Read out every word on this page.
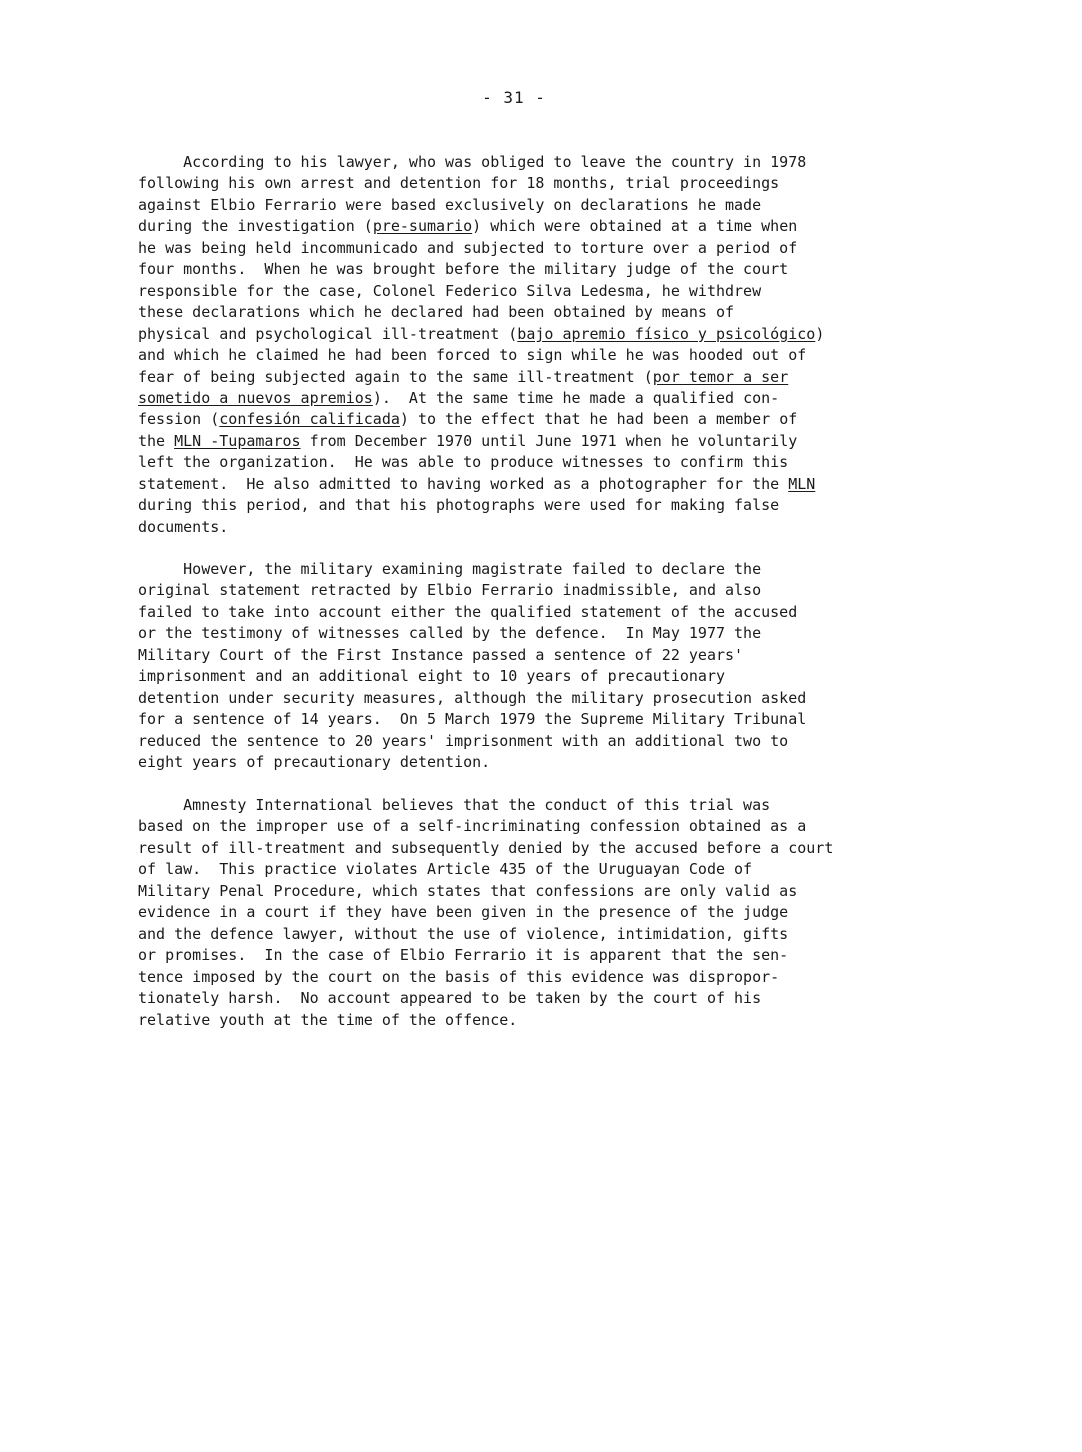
- 31 -
According to his lawyer, who was obliged to leave the country in 1978
following his own arrest and detention for 18 months, trial proceedings
against Elbio Ferrario were based exclusively on declarations he made
during the investigation (pre-sumario) which were obtained at a time when
he was being held incommunicado and subjected to torture over a period of
four months.  When he was brought before the military judge of the court
responsible for the case, Colonel Federico Silva Ledesma, he withdrew
these declarations which he declared had been obtained by means of
physical and psychological ill-treatment (bajo apremio físico y psicológico)
and which he claimed he had been forced to sign while he was hooded out of
fear of being subjected again to the same ill-treatment (por temor a ser
sometido a nuevos apremios).  At the same time he made a qualified con-
fession (confesión calificada) to the effect that he had been a member of
the MLN -Tupamaros from December 1970 until June 1971 when he voluntarily
left the organization.  He was able to produce witnesses to confirm this
statement.  He also admitted to having worked as a photographer for the MLN
during this period, and that his photographs were used for making false
documents.
However, the military examining magistrate failed to declare the
original statement retracted by Elbio Ferrario inadmissible, and also
failed to take into account either the qualified statement of the accused
or the testimony of witnesses called by the defence.  In May 1977 the
Military Court of the First Instance passed a sentence of 22 years'
imprisonment and an additional eight to 10 years of precautionary
detention under security measures, although the military prosecution asked
for a sentence of 14 years.  On 5 March 1979 the Supreme Military Tribunal
reduced the sentence to 20 years' imprisonment with an additional two to
eight years of precautionary detention.
Amnesty International believes that the conduct of this trial was
based on the improper use of a self-incriminating confession obtained as a
result of ill-treatment and subsequently denied by the accused before a court
of law.  This practice violates Article 435 of the Uruguayan Code of
Military Penal Procedure, which states that confessions are only valid as
evidence in a court if they have been given in the presence of the judge
and the defence lawyer, without the use of violence, intimidation, gifts
or promises.  In the case of Elbio Ferrario it is apparent that the sen-
tence imposed by the court on the basis of this evidence was dispropor-
tionately harsh.  No account appeared to be taken by the court of his
relative youth at the time of the offence.
